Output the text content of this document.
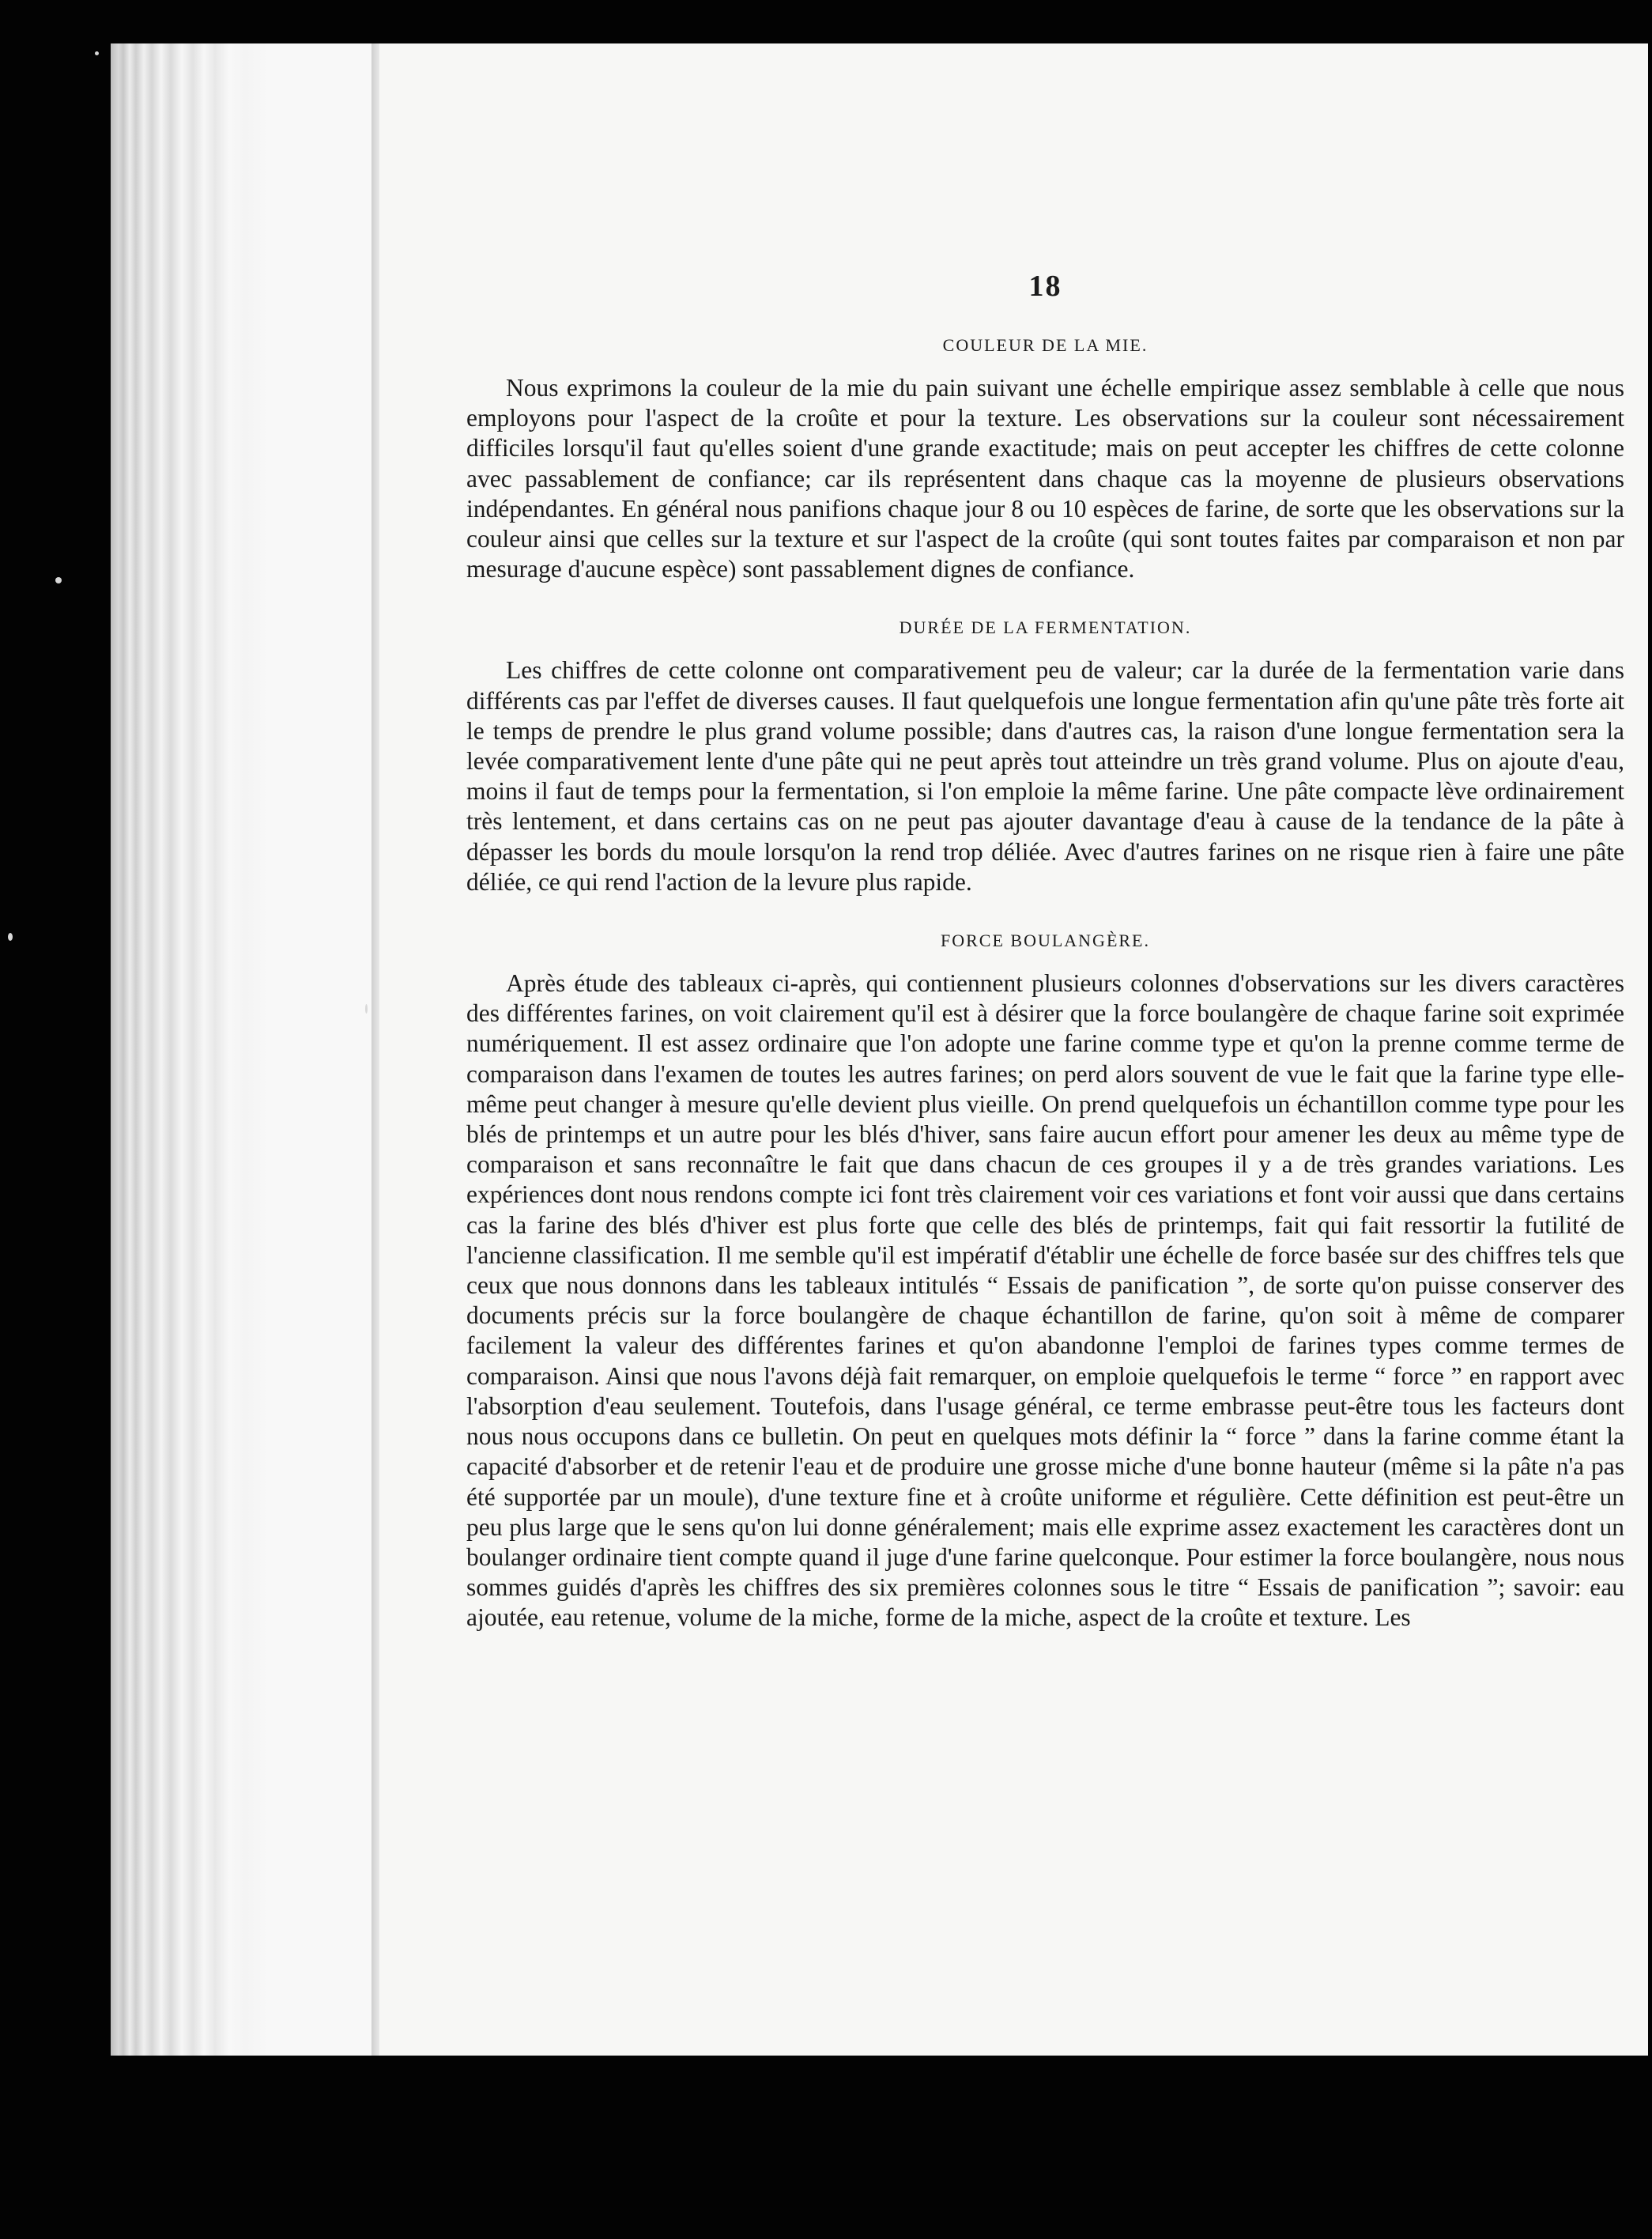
18
COULEUR DE LA MIE.

Nous exprimons la couleur de la mie du pain suivant une échelle empirique assez semblable à celle que nous employons pour l'aspect de la croûte et pour la texture. Les observations sur la couleur sont nécessairement difficiles lorsqu'il faut qu'elles soient d'une grande exactitude; mais on peut accepter les chiffres de cette colonne avec passablement de confiance; car ils représentent dans chaque cas la moyenne de plusieurs observations indépendantes. En général nous panifions chaque jour 8 ou 10 espèces de farine, de sorte que les observations sur la couleur ainsi que celles sur la texture et sur l'aspect de la croûte (qui sont toutes faites par comparaison et non par mesurage d'aucune espèce) sont passablement dignes de confiance.

DURÉE DE LA FERMENTATION.

Les chiffres de cette colonne ont comparativement peu de valeur; car la durée de la fermentation varie dans différents cas par l'effet de diverses causes. Il faut quelquefois une longue fermentation afin qu'une pâte très forte ait le temps de prendre le plus grand volume possible; dans d'autres cas, la raison d'une longue fermentation sera la levée comparativement lente d'une pâte qui ne peut après tout atteindre un très grand volume. Plus on ajoute d'eau, moins il faut de temps pour la fermentation, si l'on emploie la même farine. Une pâte compacte lève ordinairement très lentement, et dans certains cas on ne peut pas ajouter davantage d'eau à cause de la tendance de la pâte à dépasser les bords du moule lorsqu'on la rend trop déliée. Avec d'autres farines on ne risque rien à faire une pâte déliée, ce qui rend l'action de la levure plus rapide.

FORCE BOULANGÈRE.

Après étude des tableaux ci-après, qui contiennent plusieurs colonnes d'observations sur les divers caractères des différentes farines, on voit clairement qu'il est à désirer que la force boulangère de chaque farine soit exprimée numériquement. Il est assez ordinaire que l'on adopte une farine comme type et qu'on la prenne comme terme de comparaison dans l'examen de toutes les autres farines; on perd alors souvent de vue le fait que la farine type elle-même peut changer à mesure qu'elle devient plus vieille. On prend quelquefois un échantillon comme type pour les blés de printemps et un autre pour les blés d'hiver, sans faire aucun effort pour amener les deux au même type de comparaison et sans reconnaître le fait que dans chacun de ces groupes il y a de très grandes variations. Les expériences dont nous rendons compte ici font très clairement voir ces variations et font voir aussi que dans certains cas la farine des blés d'hiver est plus forte que celle des blés de printemps, fait qui fait ressortir la futilité de l'ancienne classification. Il me semble qu'il est impératif d'établir une échelle de force basée sur des chiffres tels que ceux que nous donnons dans les tableaux intitulés “ Essais de panification ”, de sorte qu'on puisse conserver des documents précis sur la force boulangère de chaque échantillon de farine, qu'on soit à même de comparer facilement la valeur des différentes farines et qu'on abandonne l'emploi de farines types comme termes de comparaison. Ainsi que nous l'avons déjà fait remarquer, on emploie quelquefois le terme “ force ” en rapport avec l'absorption d'eau seulement. Toutefois, dans l'usage général, ce terme embrasse peut-être tous les facteurs dont nous nous occupons dans ce bulletin. On peut en quelques mots définir la “ force ” dans la farine comme étant la capacité d'absorber et de retenir l'eau et de produire une grosse miche d'une bonne hauteur (même si la pâte n'a pas été supportée par un moule), d'une texture fine et à croûte uniforme et régulière. Cette définition est peut-être un peu plus large que le sens qu'on lui donne généralement; mais elle exprime assez exactement les caractères dont un boulanger ordinaire tient compte quand il juge d'une farine quelconque. Pour estimer la force boulangère, nous nous sommes guidés d'après les chiffres des six premières colonnes sous le titre “ Essais de panification ”; savoir: eau ajoutée, eau retenue, volume de la miche, forme de la miche, aspect de la croûte et texture. Les
